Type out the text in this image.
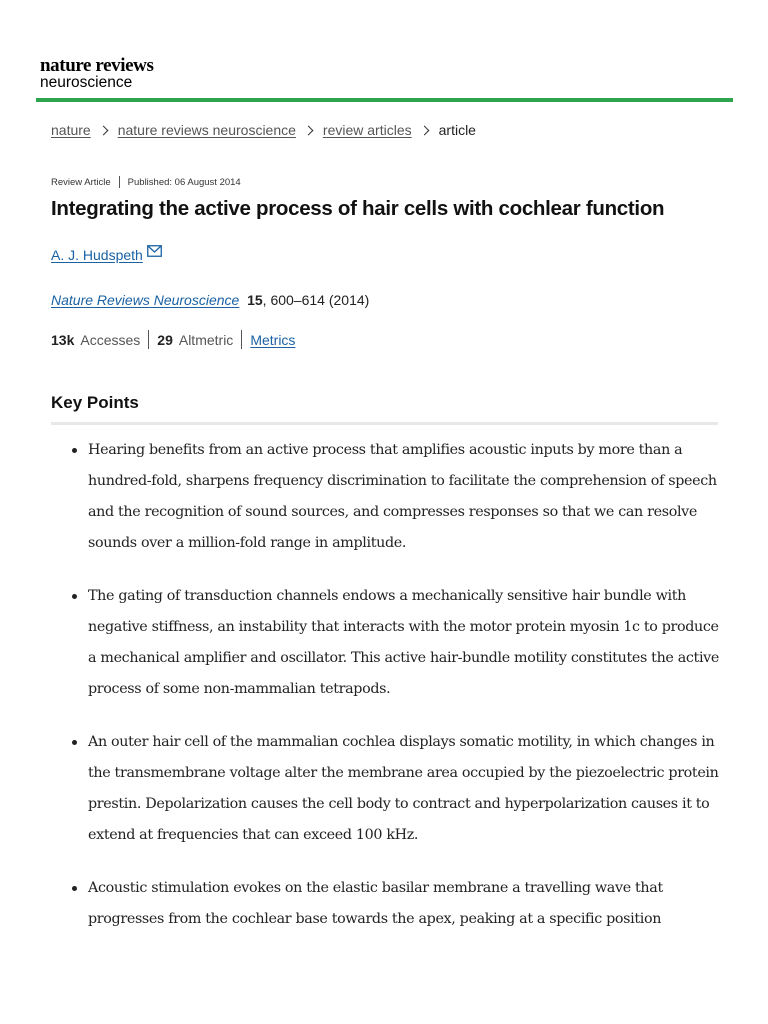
nature reviews
neuroscience
nature nature reviews neuroscience review articles article
Review Article Published: 06 August 2014
Integrating the active process of hair cells with cochlear function
A. J. Hudspeth
Nature Reviews Neuroscience 15, 600–614 (2014)
13k Accesses 29 Altmetric Metrics
Key Points
Hearing benefits from an active process that amplifies acoustic inputs by more than a hundred-fold, sharpens frequency discrimination to facilitate the comprehension of speech and the recognition of sound sources, and compresses responses so that we can resolve sounds over a million-fold range in amplitude.
The gating of transduction channels endows a mechanically sensitive hair bundle with negative stiffness, an instability that interacts with the motor protein myosin 1c to produce a mechanical amplifier and oscillator. This active hair-bundle motility constitutes the active process of some non-mammalian tetrapods.
An outer hair cell of the mammalian cochlea displays somatic motility, in which changes in the transmembrane voltage alter the membrane area occupied by the piezoelectric protein prestin. Depolarization causes the cell body to contract and hyperpolarization causes it to extend at frequencies that can exceed 100 kHz.
Acoustic stimulation evokes on the elastic basilar membrane a travelling wave that progresses from the cochlear base towards the apex, peaking at a specific position
